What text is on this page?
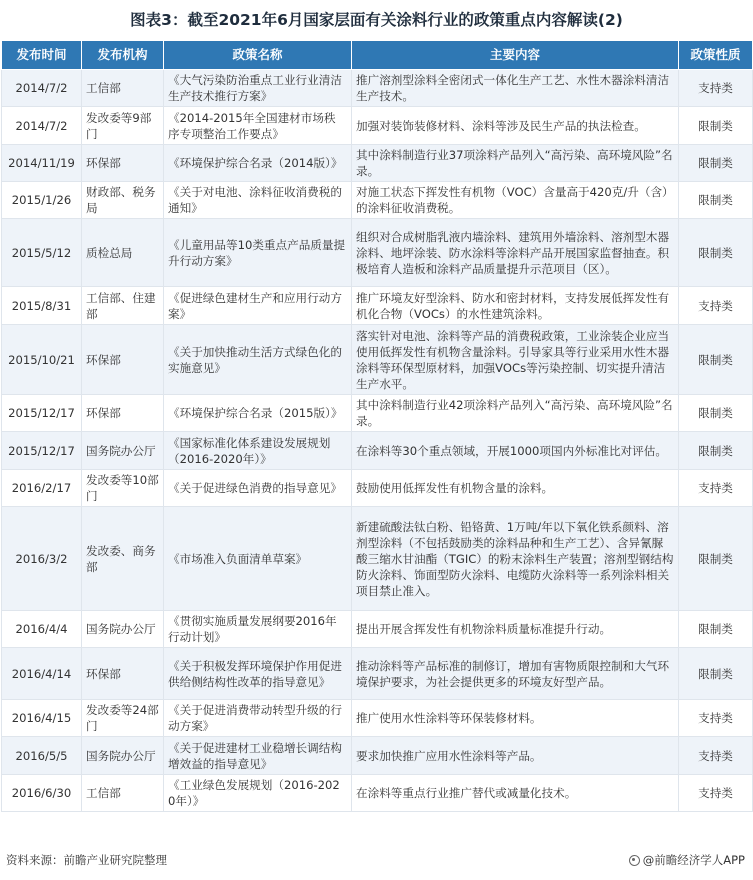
图表3：截至2021年6月国家层面有关涂料行业的政策重点内容解读(2)
发布时间	发布机构	政策名称	主要内容	政策性质
2014/7/2	工信部	《大气污染防治重点工业行业清洁生产技术推行方案》	推广溶剂型涂料全密闭式一体化生产工艺、水性木器涂料清洁生产技术。	支持类
2014/7/2	发改委等9部门	《2014-2015年全国建材市场秩序专项整治工作要点》	加强对装饰装修材料、涂料等涉及民生产品的执法检查。	限制类
2014/11/19	环保部	《环境保护综合名录（2014版）》	其中涂料制造行业37项涂料产品列入“高污染、高环境风险”名录。	限制类
2015/1/26	财政部、税务局	《关于对电池、涂料征收消费税的通知》	对施工状态下挥发性有机物（VOC）含量高于420克/升（含）的涂料征收消费税。	限制类
2015/5/12	质检总局	《儿童用品等10类重点产品质量提升行动方案》	组织对合成树脂乳液内墙涂料、建筑用外墙涂料、溶剂型木器涂料、地坪涂装、防水涂料等涂料产品开展国家监督抽查。积极培育人造板和涂料产品质量提升示范项目（区）。	限制类
2015/8/31	工信部、住建部	《促进绿色建材生产和应用行动方案》	推广环境友好型涂料、防水和密封材料，支持发展低挥发性有机化合物（VOCs）的水性建筑涂料。	支持类
2015/10/21	环保部	《关于加快推动生活方式绿色化的实施意见》	落实针对电池、涂料等产品的消费税政策，工业涂装企业应当使用低挥发性有机物含量涂料。引导家具等行业采用水性木器涂料等环保型原材料，加强VOCs等污染控制、切实提升清洁生产水平。	限制类
2015/12/17	环保部	《环境保护综合名录（2015版）》	其中涂料制造行业42项涂料产品列入“高污染、高环境风险”名录。	限制类
2015/12/17	国务院办公厅	《国家标准化体系建设发展规划（2016-2020年）》	在涂料等30个重点领域，开展1000项国内外标准比对评估。	限制类
2016/2/17	发改委等10部门	《关于促进绿色消费的指导意见》	鼓励使用低挥发性有机物含量的涂料。	支持类
2016/3/2	发改委、商务部	《市场准入负面清单草案》	新建硫酸法钛白粉、铅铬黄、1万吨/年以下氧化铁系颜料、溶剂型涂料（不包括鼓励类的涂料品种和生产工艺）、含异氰脲酸三缩水甘油酯（TGIC）的粉末涂料生产装置；溶剂型钢结构防火涂料、饰面型防火涂料、电缆防火涂料等一系列涂料相关项目禁止准入。	限制类
2016/4/4	国务院办公厅	《贯彻实施质量发展纲要2016年行动计划》	提出开展含挥发性有机物涂料质量标准提升行动。	限制类
2016/4/14	环保部	《关于积极发挥环境保护作用促进供给侧结构性改革的指导意见》	推动涂料等产品标准的制修订，增加有害物质限控制和大气环境保护要求，为社会提供更多的环境友好型产品。	限制类
2016/4/15	发改委等24部门	《关于促进消费带动转型升级的行动方案》	推广使用水性涂料等环保装修材料。	支持类
2016/5/5	国务院办公厅	《关于促进建材工业稳增长调结构增效益的指导意见》	要求加快推广应用水性涂料等产品。	支持类
2016/6/30	工信部	《工业绿色发展规划（2016-2020年）》	在涂料等重点行业推广替代或减量化技术。	支持类
资料来源：前瞻产业研究院整理	@前瞻经济学人APP
